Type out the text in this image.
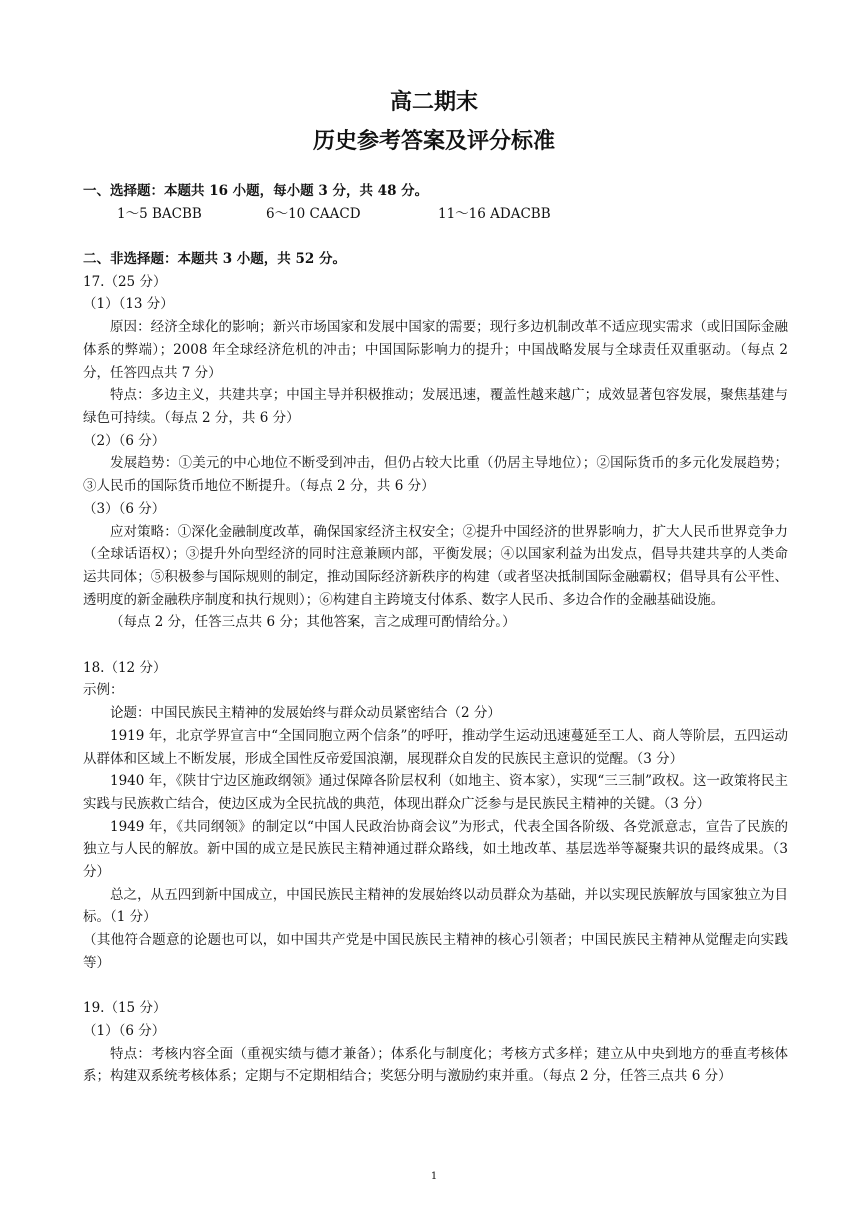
高二期末
历史参考答案及评分标准
一、选择题：本题共 16 小题，每小题 3 分，共 48 分。
1～5 BACBB	6～10 CAACD	11～16 ADACBB
二、非选择题：本题共 3 小题，共 52 分。
17.（25 分）
（1）（13 分）
原因：经济全球化的影响；新兴市场国家和发展中国家的需要；现行多边机制改革不适应现实需求（或旧国际金融体系的弊端）；2008 年全球经济危机的冲击；中国国际影响力的提升；中国战略发展与全球责任双重驱动。（每点 2 分，任答四点共 7 分）
特点：多边主义，共建共享；中国主导并积极推动；发展迅速，覆盖性越来越广；成效显著包容发展，聚焦基建与绿色可持续。（每点 2 分，共 6 分）
（2）（6 分）
发展趋势：①美元的中心地位不断受到冲击，但仍占较大比重（仍居主导地位）；②国际货币的多元化发展趋势；③人民币的国际货币地位不断提升。（每点 2 分，共 6 分）
（3）（6 分）
应对策略：①深化金融制度改革，确保国家经济主权安全；②提升中国经济的世界影响力，扩大人民币世界竞争力（全球话语权）；③提升外向型经济的同时注意兼顾内部，平衡发展；④以国家利益为出发点，倡导共建共享的人类命运共同体；⑤积极参与国际规则的制定，推动国际经济新秩序的构建（或者坚决抵制国际金融霸权；倡导具有公平性、透明度的新金融秩序制度和执行规则）；⑥构建自主跨境支付体系、数字人民币、多边合作的金融基础设施。
（每点 2 分，任答三点共 6 分；其他答案，言之成理可酌情给分。）
18.（12 分）
示例：
论题：中国民族民主精神的发展始终与群众动员紧密结合（2 分）
1919 年，北京学界宣言中“全国同胞立两个信条”的呼吁，推动学生运动迅速蔓延至工人、商人等阶层，五四运动从群体和区域上不断发展，形成全国性反帝爱国浪潮，展现群众自发的民族民主意识的觉醒。（3 分）
1940 年，《陕甘宁边区施政纲领》通过保障各阶层权利（如地主、资本家），实现“三三制”政权。这一政策将民主实践与民族救亡结合，使边区成为全民抗战的典范，体现出群众广泛参与是民族民主精神的关键。（3 分）
1949 年，《共同纲领》的制定以“中国人民政治协商会议”为形式，代表全国各阶级、各党派意志，宣告了民族的独立与人民的解放。新中国的成立是民族民主精神通过群众路线，如土地改革、基层选举等凝聚共识的最终成果。（3 分）
总之，从五四到新中国成立，中国民族民主精神的发展始终以动员群众为基础，并以实现民族解放与国家独立为目标。（1 分）
（其他符合题意的论题也可以，如中国共产党是中国民族民主精神的核心引领者；中国民族民主精神从觉醒走向实践等）
19.（15 分）
（1）（6 分）
特点：考核内容全面（重视实绩与德才兼备）；体系化与制度化；考核方式多样；建立从中央到地方的垂直考核体系；构建双系统考核体系；定期与不定期相结合；奖惩分明与激励约束并重。（每点 2 分，任答三点共 6 分）
1
